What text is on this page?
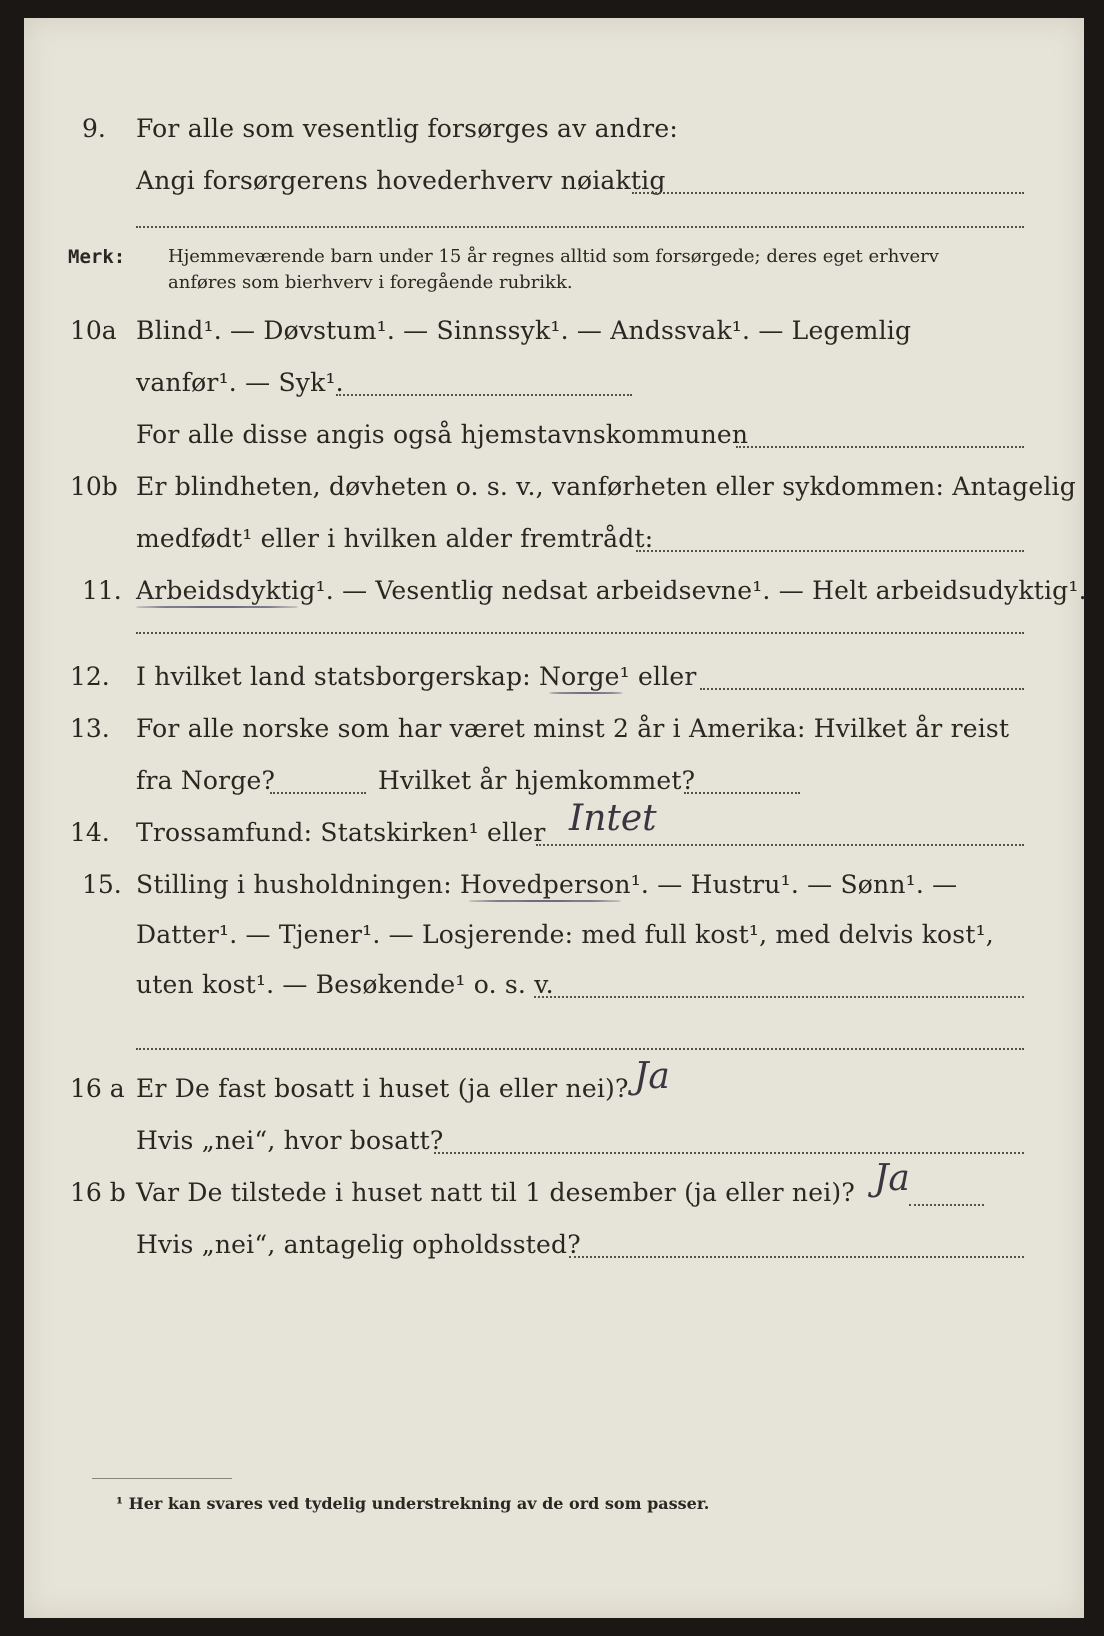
9. For alle som vesentlig forsørges av andre:
Angi forsørgerens hovederhverv nøiaktig
Merk: Hjemmeværende barn under 15 år regnes alltid som forsørgede; deres eget erhverv
anføres som bierhverv i foregående rubrikk.
10a Blind¹. — Døvstum¹. — Sinnssyk¹. — Andssvak¹. — Legemlig
vanfør¹. — Syk¹.
For alle disse angis også hjemstavnskommunen
10b Er blindheten, døvheten o. s. v., vanførheten eller sykdommen: Antagelig
medfødt¹ eller i hvilken alder fremtrådt:
11. Arbeidsdyktig¹. — Vesentlig nedsat arbeidsevne¹. — Helt arbeidsudyktig¹.
12. I hvilket land statsborgerskap: Norge¹ eller
13. For alle norske som har været minst 2 år i Amerika: Hvilket år reist
fra Norge?	Hvilket år hjemkommet?
14. Trossamfund: Statskirken¹ eller Intet
15. Stilling i husholdningen: Hovedperson¹. — Hustru¹. — Sønn¹. —
Datter¹. — Tjener¹. — Losjerende: med full kost¹, med delvis kost¹,
uten kost¹. — Besøkende¹ o. s. v.
16 a Er De fast bosatt i huset (ja eller nei)? Ja
Hvis „nei“, hvor bosatt?
16 b Var De tilstede i huset natt til 1 desember (ja eller nei)? Ja
Hvis „nei“, antagelig opholdssted?
¹ Her kan svares ved tydelig understrekning av de ord som passer.
